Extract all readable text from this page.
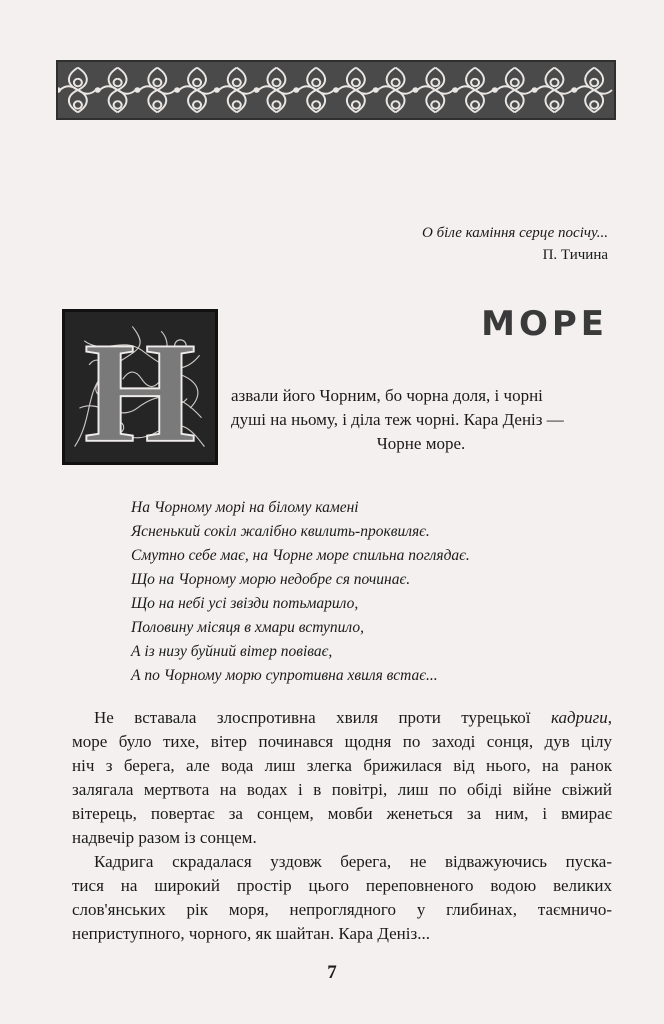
О біле каміння серце посічу...
П. Тичина
МОРЕ
Н азвали його Чорним, бо чорна доля, і чорні
душі на ньому, і діла теж чорні. Кара Деніз —
Чорне море.
На Чорному морі на білому камені
Ясненький сокіл жалібно квилить-проквиляє.
Смутно себе має, на Чорне море спильна поглядає.
Що на Чорному морю недобре ся починає.
Що на небі усі звізди потьмарило,
Половину місяця в хмари вступило,
А із низу буйний вітер повіває,
А по Чорному морю супротивна хвиля встає...
Не вставала злоспротивна хвиля проти турецької кадриги,
море було тихе, вітер починався щодня по заході сонця, дув цілу
ніч з берега, але вода лиш злегка брижилася від нього, на ранок
залягала мертвота на водах і в повітрі, лиш по обіді війне свіжий
вітерець, повертає за сонцем, мовби женеться за ним, і вмирає
надвечір разом із сонцем.
Кадрига скрадалася уздовж берега, не відважуючись пуска-
тися на широкий простір цього переповненого водою великих
слов'янських рік моря, непроглядного у глибинах, таємничо-
неприступного, чорного, як шайтан. Кара Деніз...
7
